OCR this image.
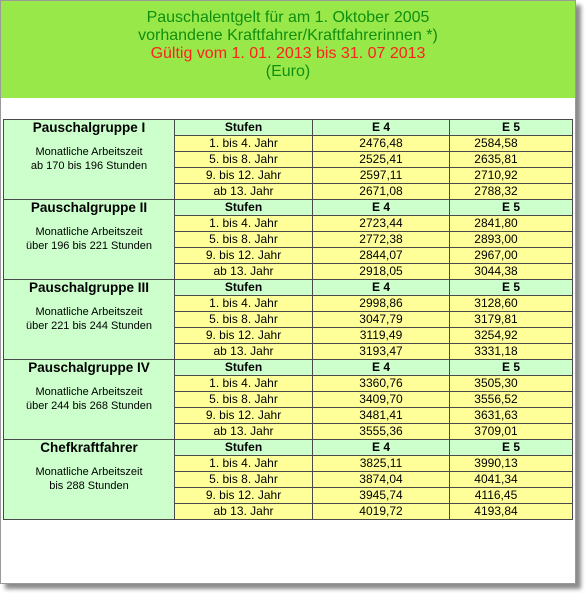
Pauschalentgelt für am 1. Oktober 2005
vorhandene Kraftfahrer/Kraftfahrerinnen *)
Gültig vom 1. 01. 2013 bis 31. 07 2013
(Euro)
Pauschalgruppe I
Monatliche Arbeitszeit
ab 170 bis 196 Stunden	Stufen	E 4	E 5
	1. bis 4. Jahr	2476,48	2584,58
	5. bis 8. Jahr	2525,41	2635,81
	9. bis 12. Jahr	2597,11	2710,92
	ab 13. Jahr	2671,08	2788,32

Pauschalgruppe II
Monatliche Arbeitszeit
über 196 bis 221 Stunden	Stufen	E 4	E 5
	1. bis 4. Jahr	2723,44	2841,80
	5. bis 8. Jahr	2772,38	2893,00
	9. bis 12. Jahr	2844,07	2967,00
	ab 13. Jahr	2918,05	3044,38

Pauschalgruppe III
Monatliche Arbeitszeit
über 221 bis 244 Stunden	Stufen	E 4	E 5
	1. bis 4. Jahr	2998,86	3128,60
	5. bis 8. Jahr	3047,79	3179,81
	9. bis 12. Jahr	3119,49	3254,92
	ab 13. Jahr	3193,47	3331,18

Pauschalgruppe IV
Monatliche Arbeitszeit
über 244 bis 268 Stunden	Stufen	E 4	E 5
	1. bis 4. Jahr	3360,76	3505,30
	5. bis 8. Jahr	3409,70	3556,52
	9. bis 12. Jahr	3481,41	3631,63
	ab 13. Jahr	3555,36	3709,01

Chefkraftfahrer
Monatliche Arbeitszeit
bis 288 Stunden	Stufen	E 4	E 5
	1. bis 4. Jahr	3825,11	3990,13
	5. bis 8. Jahr	3874,04	4041,34
	9. bis 12. Jahr	3945,74	4116,45
	ab 13. Jahr	4019,72	4193,84
